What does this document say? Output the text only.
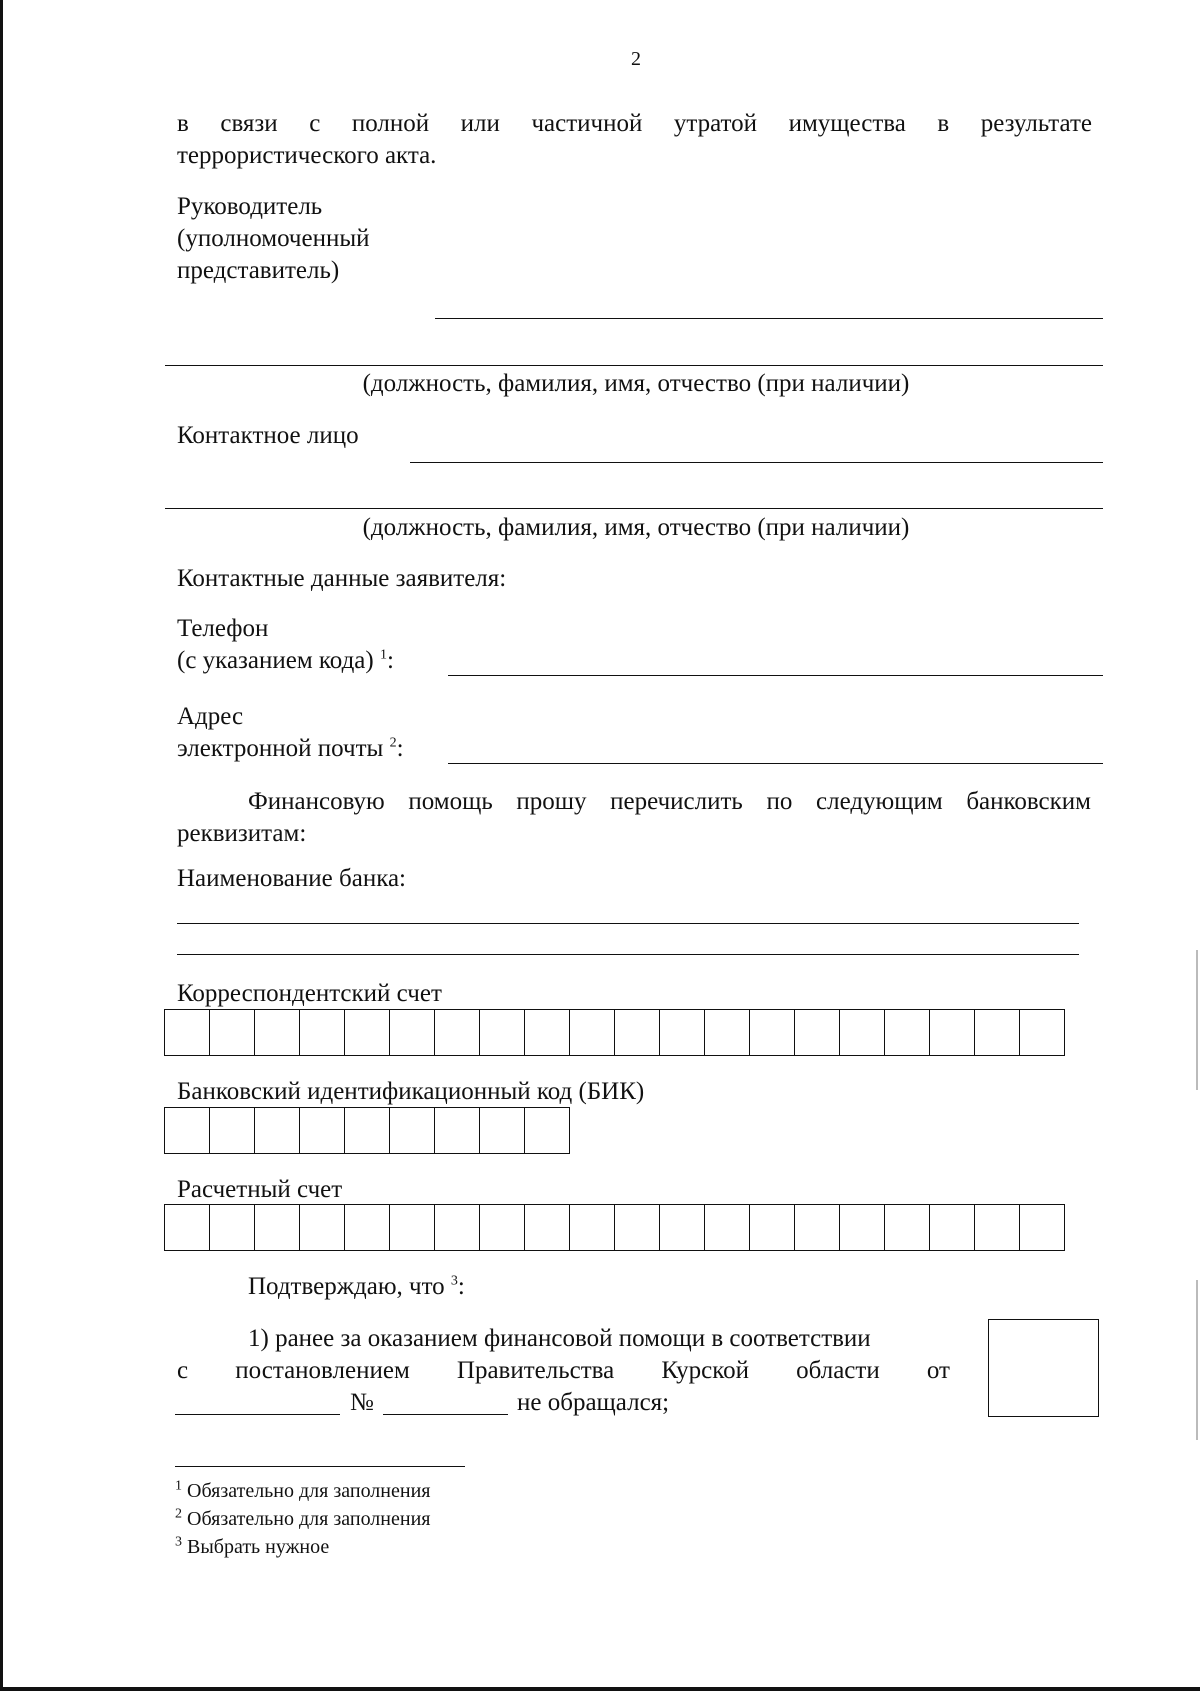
2
в связи с полной или частичной утратой имущества в результате
террористического акта.
Руководитель
(уполномоченный
представитель)
(должность, фамилия, имя, отчество (при наличии)
Контактное лицо
(должность, фамилия, имя, отчество (при наличии)
Контактные данные заявителя:
Телефон
(с указанием кода) $^1$:
Адрес
электронной почты $^2$:
Финансовую помощь прошу перечислить по следующим банковским
реквизитам:
Наименование банка:
Корреспондентский счет
Банковский идентификационный код (БИК)
Расчетный счет
Подтверждаю, что $^3$:
1) ранее за оказанием финансовой помощи в соответствии
с постановлением Правительства Курской области от
№	не обращался;
$^1$ Обязательно для заполнения
$^2$ Обязательно для заполнения
$^3$ Выбрать нужное
